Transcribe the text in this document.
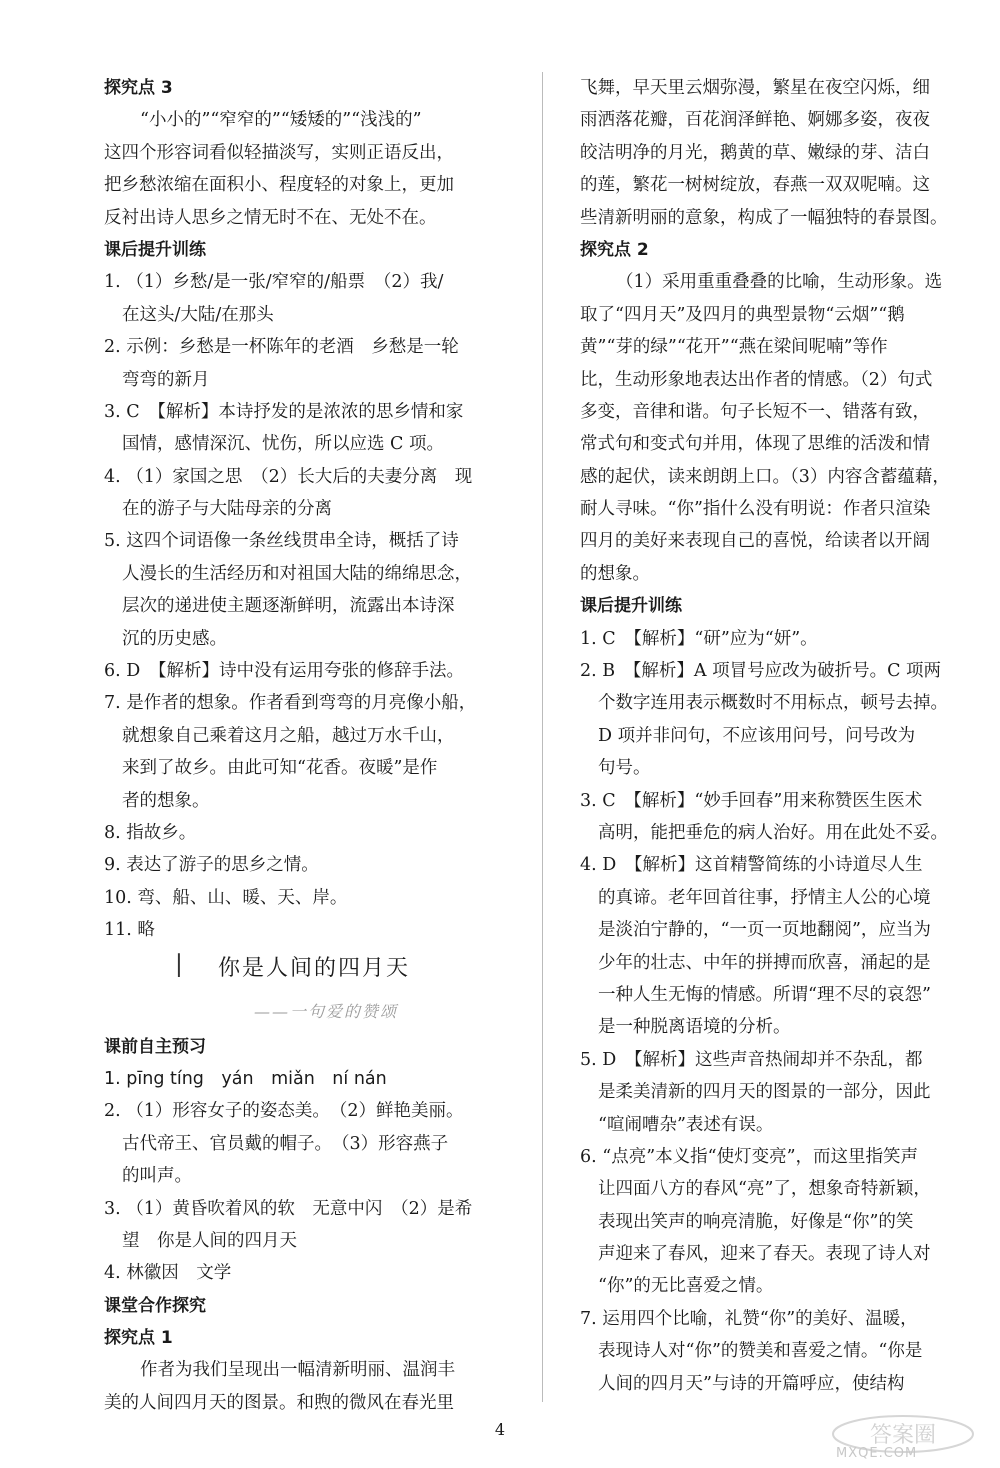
探究点 3
“小小的”“窄窄的”“矮矮的”“浅浅的”
这四个形容词看似轻描淡写，实则正语反出，
把乡愁浓缩在面积小、程度轻的对象上，更加
反衬出诗人思乡之情无时不在、无处不在。
课后提升训练
1. （1）乡愁/是一张/窄窄的/船票　（2）我/
在这头/大陆/在那头
2. 示例：乡愁是一杯陈年的老酒　乡愁是一轮
弯弯的新月
3. C　【解析】本诗抒发的是浓浓的思乡情和家
国情，感情深沉、忧伤，所以应选 C 项。
4. （1）家国之思　（2）长大后的夫妻分离　现
在的游子与大陆母亲的分离
5. 这四个词语像一条丝线贯串全诗，概括了诗
人漫长的生活经历和对祖国大陆的绵绵思念，
层次的递进使主题逐渐鲜明，流露出本诗深
沉的历史感。
6. D　【解析】诗中没有运用夸张的修辞手法。
7. 是作者的想象。作者看到弯弯的月亮像小船，
就想象自己乘着这月之船，越过万水千山，
来到了故乡。由此可知“花香。夜暖”是作
者的想象。
8. 指故乡。
9. 表达了游子的思乡之情。
10. 弯、船、山、暖、天、岸。
11. 略
▏ 你是人间的四月天
——一句爱的赞颂
课前自主预习
1. pīng tíng　yán　miǎn　ní nán
2. （1）形容女子的姿态美。　（2）鲜艳美丽。
古代帝王、官员戴的帽子。　（3）形容燕子
的叫声。
3. （1）黄昏吹着风的软　无意中闪　（2）是希
望　你是人间的四月天
4. 林徽因　文学
课堂合作探究
探究点 1
作者为我们呈现出一幅清新明丽、温润丰
美的人间四月天的图景。和煦的微风在春光里
飞舞，早天里云烟弥漫，繁星在夜空闪烁，细
雨洒落花瓣，百花润泽鲜艳、婀娜多姿，夜夜
皎洁明净的月光，鹅黄的草、嫩绿的芽、洁白
的莲，繁花一树树绽放，春燕一双双呢喃。这
些清新明丽的意象，构成了一幅独特的春景图。
探究点 2
（1）采用重重叠叠的比喻，生动形象。选
取了“四月天”及四月的典型景物“云烟”“鹅
黄”“芽的绿”“花开”“燕在梁间呢喃”等作
比，生动形象地表达出作者的情感。（2）句式
多变，音律和谐。句子长短不一、错落有致，
常式句和变式句并用，体现了思维的活泼和情
感的起伏，读来朗朗上口。（3）内容含蓄蕴藉，
耐人寻味。“你”指什么没有明说：作者只渲染
四月的美好来表现自己的喜悦，给读者以开阔
的想象。
课后提升训练
1. C　【解析】“研”应为“妍”。
2. B　【解析】A 项冒号应改为破折号。C 项两
个数字连用表示概数时不用标点，顿号去掉。
D 项并非问句，不应该用问号，问号改为
句号。
3. C　【解析】“妙手回春”用来称赞医生医术
高明，能把垂危的病人治好。用在此处不妥。
4. D　【解析】这首精警简练的小诗道尽人生
的真谛。老年回首往事，抒情主人公的心境
是淡泊宁静的，“一页一页地翻阅”，应当为
少年的壮志、中年的拼搏而欣喜，涌起的是
一种人生无悔的情感。所谓“理不尽的哀怨”
是一种脱离语境的分析。
5. D　【解析】这些声音热闹却并不杂乱，都
是柔美清新的四月天的图景的一部分，因此
“喧闹嘈杂”表述有误。
6. “点亮”本义指“使灯变亮”，而这里指笑声
让四面八方的春风“亮”了，想象奇特新颖，
表现出笑声的响亮清脆，好像是“你”的笑
声迎来了春风，迎来了春天。表现了诗人对
“你”的无比喜爱之情。
7. 运用四个比喻，礼赞“你”的美好、温暖，
表现诗人对“你”的赞美和喜爱之情。“你是
人间的四月天”与诗的开篇呼应，使结构
4	答案圈
MXQE.COM
